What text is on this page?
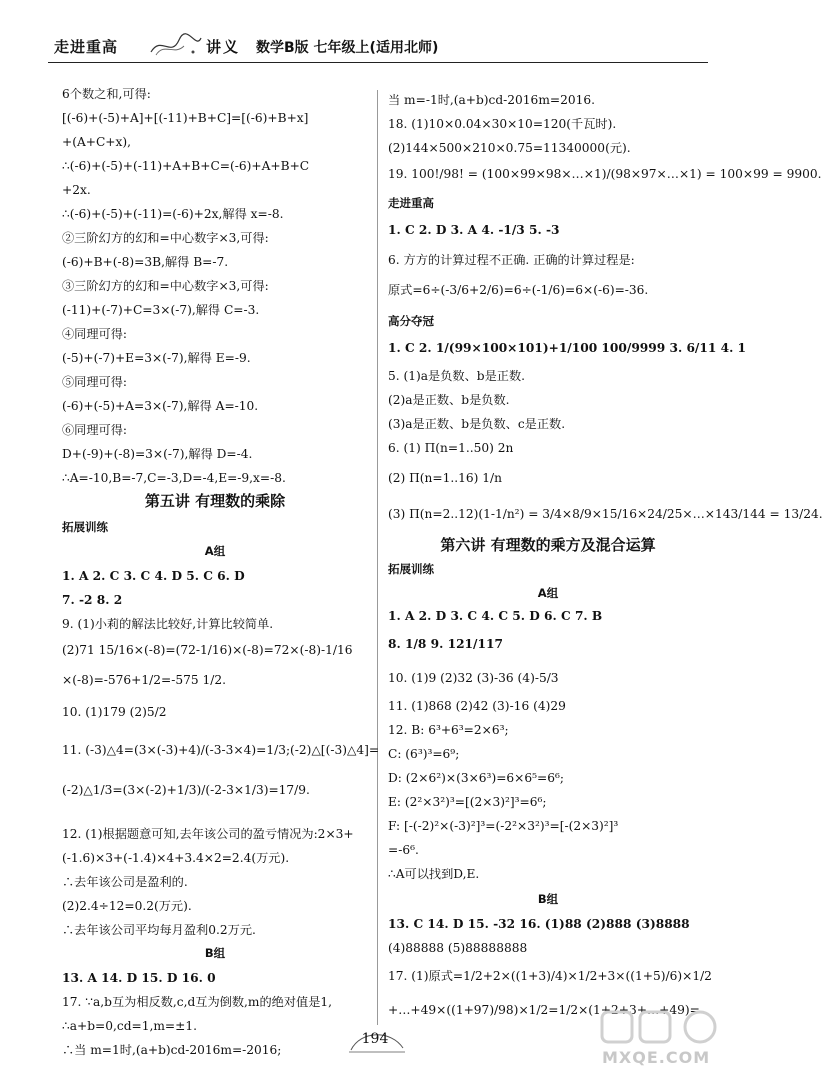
走进重高	讲义 数学B版 七年级上(适用北师)
6个数之和,可得:
[(-6)+(-5)+A]+[(-11)+B+C]=[(-6)+B+x]
+(A+C+x),
∴(-6)+(-5)+(-11)+A+B+C=(-6)+A+B+C
+2x.
∴(-6)+(-5)+(-11)=(-6)+2x,解得 x=-8.
②三阶幻方的幻和=中心数字×3,可得:
(-6)+B+(-8)=3B,解得 B=-7.
③三阶幻方的幻和=中心数字×3,可得:
(-11)+(-7)+C=3×(-7),解得 C=-3.
④同理可得:
(-5)+(-7)+E=3×(-7),解得 E=-9.
⑤同理可得:
(-6)+(-5)+A=3×(-7),解得 A=-10.
⑥同理可得:
D+(-9)+(-8)=3×(-7),解得 D=-4.
∴A=-10,B=-7,C=-3,D=-4,E=-9,x=-8.
第五讲 有理数的乘除
拓展训练
A组
1. A 2. C 3. C 4. D 5. C 6. D
7. -2 8. 2
9. (1)小莉的解法比较好,计算比较简单.
(2)71 15/16×(-8)=(72-1/16)×(-8)=72×(-8)-1/16
×(-8)=-576+1/2=-575 1/2.
10. (1)179 (2)5/2
11. (-3)△4=(3×(-3)+4)/(-3-3×4)=1/3;(-2)△[(-3)△4]=
(-2)△1/3=(3×(-2)+1/3)/(-2-3×1/3)=17/9.
12. (1)根据题意可知,去年该公司的盈亏情况为:2×3+
(-1.6)×3+(-1.4)×4+3.4×2=2.4(万元).
∴去年该公司是盈利的.
(2)2.4÷12=0.2(万元).
∴去年该公司平均每月盈利0.2万元.
B组
13. A 14. D 15. D 16. 0
17. ∵a,b互为相反数,c,d互为倒数,m的绝对值是1,
∴a+b=0,cd=1,m=±1.
∴当 m=1时,(a+b)cd-2016m=-2016;
当 m=-1时,(a+b)cd-2016m=2016.
18. (1)10×0.04×30×10=120(千瓦时).
(2)144×500×210×0.75=11340000(元).
19. 100!/98! = (100×99×98×…×1)/(98×97×…×1) = 100×99 = 9900.
走进重高
1. C 2. D 3. A 4. -1/3 5. -3
6. 方方的计算过程不正确. 正确的计算过程是:
原式=6÷(-3/6+2/6)=6÷(-1/6)=6×(-6)=-36.
高分夺冠
1. C 2. 1/(99×100×101)+1/100 100/9999 3. 6/11 4. 1
5. (1)a是负数、b是正数.
(2)a是正数、b是负数.
(3)a是正数、b是负数、c是正数.
6. (1) Π(n=1..50) 2n
(2) Π(n=1..16) 1/n
(3) Π(n=2..12)(1-1/n²) = 3/4×8/9×15/16×24/25×…×143/144 = 13/24.
第六讲 有理数的乘方及混合运算
拓展训练
A组
1. A 2. D 3. C 4. C 5. D 6. C 7. B
8. 1/8 9. 121/117
10. (1)9 (2)32 (3)-36 (4)-5/3
11. (1)868 (2)42 (3)-16 (4)29
12. B: 6³+6³=2×6³;
C: (6³)³=6⁹;
D: (2×6²)×(3×6³)=6×6⁵=6⁶;
E: (2²×3²)³=[(2×3)²]³=6⁶;
F: [-(-2)²×(-3)²]³=(-2²×3²)³=[-(2×3)²]³
=-6⁶.
∴A可以找到D,E.
B组
13. C 14. D 15. -32 16. (1)88 (2)888 (3)8888
(4)88888 (5)88888888
17. (1)原式=1/2+2×((1+3)/4)×1/2+3×((1+5)/6)×1/2
+…+49×((1+97)/98)×1/2=1/2×(1+2+3+…+49)=
194
MXQE.COM
